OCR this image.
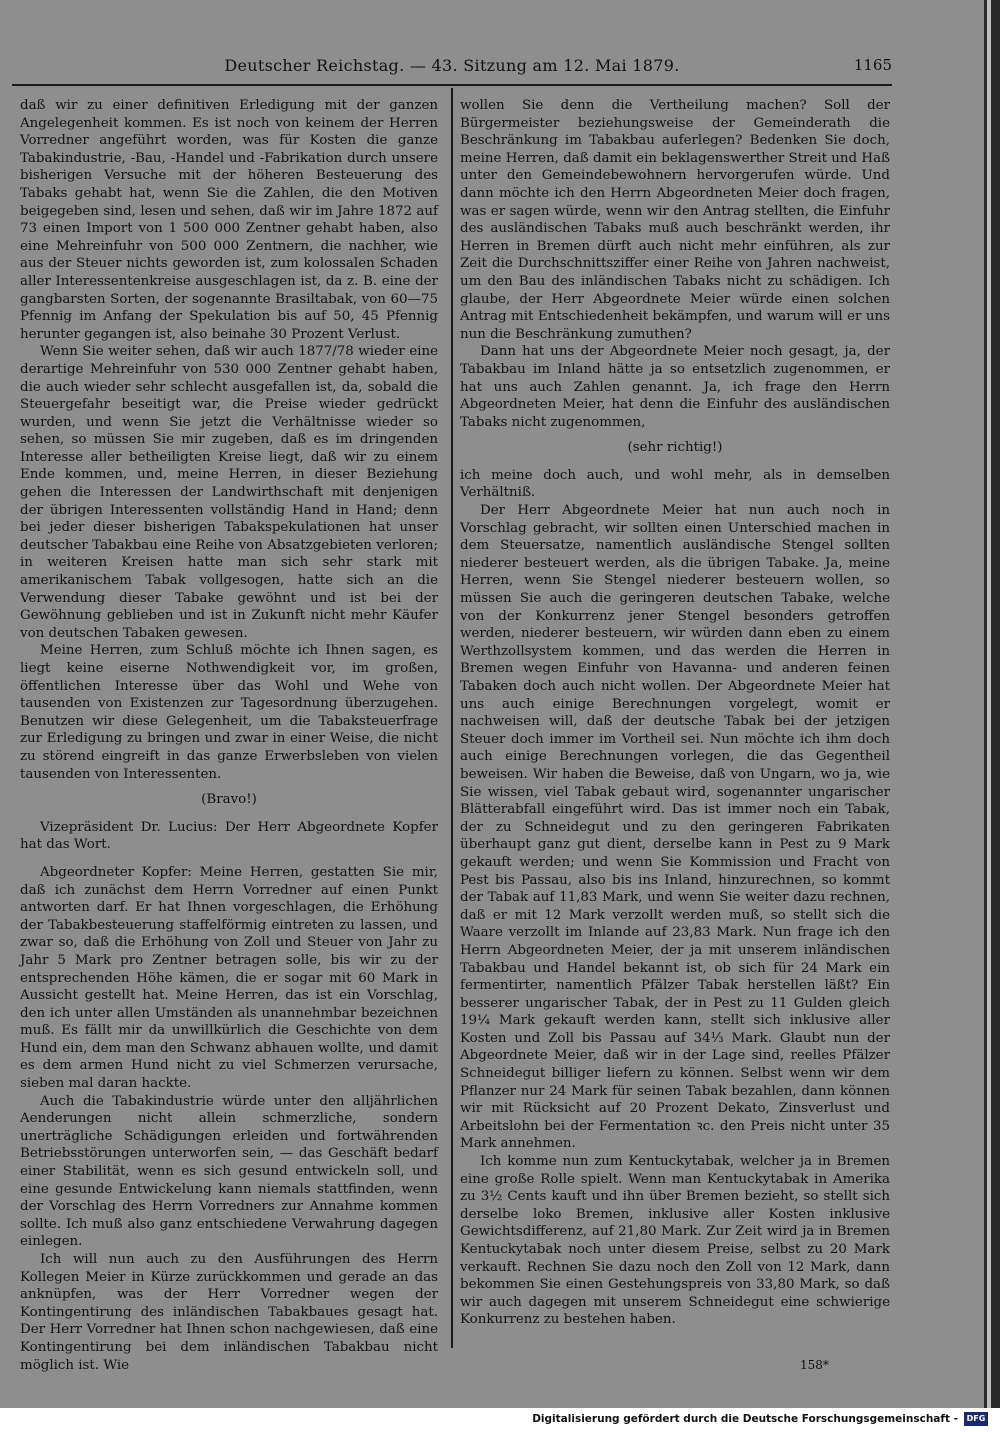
Deutscher Reichstag. — 43. Sitzung am 12. Mai 1879.	1165

daß wir zu einer definitiven Erledigung mit der ganzen Angelegenheit kommen. Es ist noch von keinem der Herren Vorredner angeführt worden, was für Kosten die ganze Tabakindustrie, -Bau, -Handel und -Fabrikation durch unsere bisherigen Versuche mit der höheren Besteuerung des Tabaks gehabt hat, wenn Sie die Zahlen, die den Motiven beigegeben sind, lesen und sehen, daß wir im Jahre 1872 auf 73 einen Import von 1 500 000 Zentner gehabt haben, also eine Mehreinfuhr von 500 000 Zentnern, die nachher, wie aus der Steuer nichts geworden ist, zum kolossalen Schaden aller Interessentenkreise ausgeschlagen ist, da z. B. eine der gangbarsten Sorten, der sogenannte Brasiltabak, von 60—75 Pfennig im Anfang der Spekulation bis auf 50, 45 Pfennig herunter gegangen ist, also beinahe 30 Prozent Verlust.

Wenn Sie weiter sehen, daß wir auch 1877/78 wieder eine derartige Mehreinfuhr von 530 000 Zentner gehabt haben, die auch wieder sehr schlecht ausgefallen ist, da, sobald die Steuergefahr beseitigt war, die Preise wieder gedrückt wurden, und wenn Sie jetzt die Verhältnisse wieder so sehen, so müssen Sie mir zugeben, daß es im dringenden Interesse aller betheiligten Kreise liegt, daß wir zu einem Ende kommen, und, meine Herren, in dieser Beziehung gehen die Interessen der Landwirthschaft mit denjenigen der übrigen Interessenten vollständig Hand in Hand; denn bei jeder dieser bisherigen Tabakspekulationen hat unser deutscher Tabakbau eine Reihe von Absatzgebieten verloren; in weiteren Kreisen hatte man sich sehr stark mit amerikanischem Tabak vollgesogen, hatte sich an die Verwendung dieser Tabake gewöhnt und ist bei der Gewöhnung geblieben und ist in Zukunft nicht mehr Käufer von deutschen Tabaken gewesen.

Meine Herren, zum Schluß möchte ich Ihnen sagen, es liegt keine eiserne Nothwendigkeit vor, im großen, öffentlichen Interesse über das Wohl und Wehe von tausenden von Existenzen zur Tagesordnung überzugehen. Benutzen wir diese Gelegenheit, um die Tabaksteuerfrage zur Erledigung zu bringen und zwar in einer Weise, die nicht zu störend eingreift in das ganze Erwerbsleben von vielen tausenden von Interessenten.

(Bravo!)

Vizepräsident Dr. Lucius: Der Herr Abgeordnete Kopfer hat das Wort.

Abgeordneter Kopfer: Meine Herren, gestatten Sie mir, daß ich zunächst dem Herrn Vorredner auf einen Punkt antworten darf. Er hat Ihnen vorgeschlagen, die Erhöhung der Tabakbesteuerung staffelförmig eintreten zu lassen, und zwar so, daß die Erhöhung von Zoll und Steuer von Jahr zu Jahr 5 Mark pro Zentner betragen solle, bis wir zu der entsprechenden Höhe kämen, die er sogar mit 60 Mark in Aussicht gestellt hat. Meine Herren, das ist ein Vorschlag, den ich unter allen Umständen als unannehmbar bezeichnen muß. Es fällt mir da unwillkürlich die Geschichte von dem Hund ein, dem man den Schwanz abhauen wollte, und damit es dem armen Hund nicht zu viel Schmerzen verursache, sieben mal daran hackte.

Auch die Tabakindustrie würde unter den alljährlichen Aenderungen nicht allein schmerzliche, sondern unerträgliche Schädigungen erleiden und fortwährenden Betriebsstörungen unterworfen sein, — das Geschäft bedarf einer Stabilität, wenn es sich gesund entwickeln soll, und eine gesunde Entwickelung kann niemals stattfinden, wenn der Vorschlag des Herrn Vorredners zur Annahme kommen sollte. Ich muß also ganz entschiedene Verwahrung dagegen einlegen.

Ich will nun auch zu den Ausführungen des Herrn Kollegen Meier in Kürze zurückkommen und gerade an das anknüpfen, was der Herr Vorredner wegen der Kontingentirung des inländischen Tabakbaues gesagt hat. Der Herr Vorredner hat Ihnen schon nachgewiesen, daß eine Kontingentirung bei dem inländischen Tabakbau nicht möglich ist. Wie

wollen Sie denn die Vertheilung machen? Soll der Bürgermeister beziehungsweise der Gemeinderath die Beschränkung im Tabakbau auferlegen? Bedenken Sie doch, meine Herren, daß damit ein beklagenswerther Streit und Haß unter den Gemeindebewohnern hervorgerufen würde. Und dann möchte ich den Herrn Abgeordneten Meier doch fragen, was er sagen würde, wenn wir den Antrag stellten, die Einfuhr des ausländischen Tabaks muß auch beschränkt werden, ihr Herren in Bremen dürft auch nicht mehr einführen, als zur Zeit die Durchschnittsziffer einer Reihe von Jahren nachweist, um den Bau des inländischen Tabaks nicht zu schädigen. Ich glaube, der Herr Abgeordnete Meier würde einen solchen Antrag mit Entschiedenheit bekämpfen, und warum will er uns nun die Beschränkung zumuthen?

Dann hat uns der Abgeordnete Meier noch gesagt, ja, der Tabakbau im Inland hätte ja so entsetzlich zugenommen, er hat uns auch Zahlen genannt. Ja, ich frage den Herrn Abgeordneten Meier, hat denn die Einfuhr des ausländischen Tabaks nicht zugenommen,

(sehr richtig!)

ich meine doch auch, und wohl mehr, als in demselben Verhältniß.

Der Herr Abgeordnete Meier hat nun auch noch in Vorschlag gebracht, wir sollten einen Unterschied machen in dem Steuersatze, namentlich ausländische Stengel sollten niederer besteuert werden, als die übrigen Tabake. Ja, meine Herren, wenn Sie Stengel niederer besteuern wollen, so müssen Sie auch die geringeren deutschen Tabake, welche von der Konkurrenz jener Stengel besonders getroffen werden, niederer besteuern, wir würden dann eben zu einem Werthzollsystem kommen, und das werden die Herren in Bremen wegen Einfuhr von Havanna- und anderen feinen Tabaken doch auch nicht wollen. Der Abgeordnete Meier hat uns auch einige Berechnungen vorgelegt, womit er nachweisen will, daß der deutsche Tabak bei der jetzigen Steuer doch immer im Vortheil sei. Nun möchte ich ihm doch auch einige Berechnungen vorlegen, die das Gegentheil beweisen. Wir haben die Beweise, daß von Ungarn, wo ja, wie Sie wissen, viel Tabak gebaut wird, sogenannter ungarischer Blätterabfall eingeführt wird. Das ist immer noch ein Tabak, der zu Schneidegut und zu den geringeren Fabrikaten überhaupt ganz gut dient, derselbe kann in Pest zu 9 Mark gekauft werden; und wenn Sie Kommission und Fracht von Pest bis Passau, also bis ins Inland, hinzurechnen, so kommt der Tabak auf 11,83 Mark, und wenn Sie weiter dazu rechnen, daß er mit 12 Mark verzollt werden muß, so stellt sich die Waare verzollt im Inlande auf 23,83 Mark. Nun frage ich den Herrn Abgeordneten Meier, der ja mit unserem inländischen Tabakbau und Handel bekannt ist, ob sich für 24 Mark ein fermentirter, namentlich Pfälzer Tabak herstellen läßt? Ein besserer ungarischer Tabak, der in Pest zu 11 Gulden gleich 19¼ Mark gekauft werden kann, stellt sich inklusive aller Kosten und Zoll bis Passau auf 34⅓ Mark. Glaubt nun der Abgeordnete Meier, daß wir in der Lage sind, reelles Pfälzer Schneidegut billiger liefern zu können. Selbst wenn wir dem Pflanzer nur 24 Mark für seinen Tabak bezahlen, dann können wir mit Rücksicht auf 20 Prozent Dekato, Zinsverlust und Arbeitslohn bei der Fermentation ꝛc. den Preis nicht unter 35 Mark annehmen.

Ich komme nun zum Kentuckytabak, welcher ja in Bremen eine große Rolle spielt. Wenn man Kentuckytabak in Amerika zu 3½ Cents kauft und ihn über Bremen bezieht, so stellt sich derselbe loko Bremen, inklusive aller Kosten inklusive Gewichtsdifferenz, auf 21,80 Mark. Zur Zeit wird ja in Bremen Kentuckytabak noch unter diesem Preise, selbst zu 20 Mark verkauft. Rechnen Sie dazu noch den Zoll von 12 Mark, dann bekommen Sie einen Gestehungspreis von 33,80 Mark, so daß wir auch dagegen mit unserem Schneidegut eine schwierige Konkurrenz zu bestehen haben.

158*
Digitalisierung gefördert durch die Deutsche Forschungsgemeinschaft -	DFG
